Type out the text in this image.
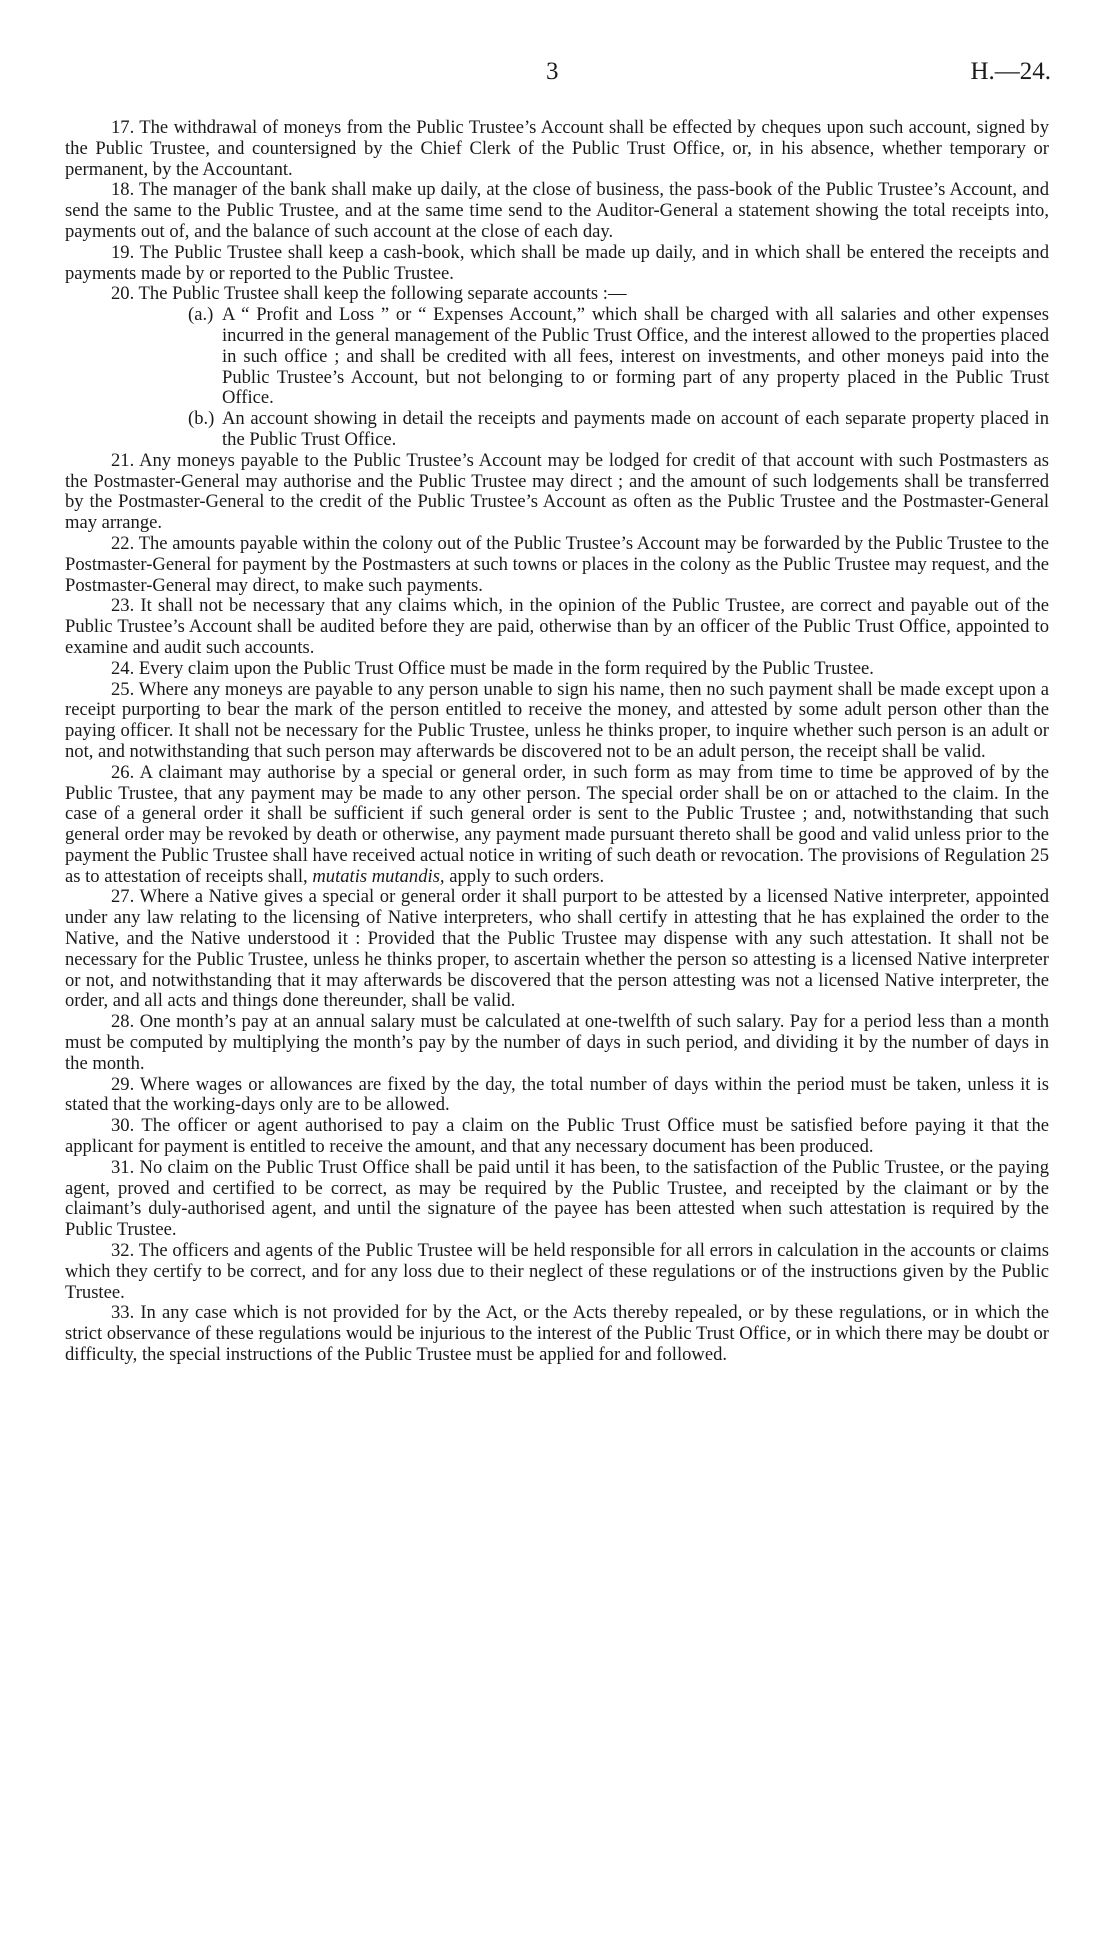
3	H.—24.

17. The withdrawal of moneys from the Public Trustee’s Account shall be effected by cheques upon such account, signed by the Public Trustee, and countersigned by the Chief Clerk of the Public Trust Office, or, in his absence, whether temporary or permanent, by the Accountant.

18. The manager of the bank shall make up daily, at the close of business, the pass-book of the Public Trustee’s Account, and send the same to the Public Trustee, and at the same time send to the Auditor-General a statement showing the total receipts into, payments out of, and the balance of such account at the close of each day.

19. The Public Trustee shall keep a cash-book, which shall be made up daily, and in which shall be entered the receipts and payments made by or reported to the Public Trustee.

20. The Public Trustee shall keep the following separate accounts :—

(a.) A “ Profit and Loss ” or “ Expenses Account,” which shall be charged with all salaries and other expenses incurred in the general management of the Public Trust Office, and the interest allowed to the properties placed in such office ; and shall be credited with all fees, interest on investments, and other moneys paid into the Public Trustee’s Account, but not belonging to or forming part of any property placed in the Public Trust Office.

(b.) An account showing in detail the receipts and payments made on account of each separate property placed in the Public Trust Office.

21. Any moneys payable to the Public Trustee’s Account may be lodged for credit of that account with such Postmasters as the Postmaster-General may authorise and the Public Trustee may direct ; and the amount of such lodgements shall be transferred by the Postmaster-General to the credit of the Public Trustee’s Account as often as the Public Trustee and the Postmaster-General may arrange.

22. The amounts payable within the colony out of the Public Trustee’s Account may be forwarded by the Public Trustee to the Postmaster-General for payment by the Postmasters at such towns or places in the colony as the Public Trustee may request, and the Postmaster-General may direct, to make such payments.

23. It shall not be necessary that any claims which, in the opinion of the Public Trustee, are correct and payable out of the Public Trustee’s Account shall be audited before they are paid, otherwise than by an officer of the Public Trust Office, appointed to examine and audit such accounts.

24. Every claim upon the Public Trust Office must be made in the form required by the Public Trustee.

25. Where any moneys are payable to any person unable to sign his name, then no such payment shall be made except upon a receipt purporting to bear the mark of the person entitled to receive the money, and attested by some adult person other than the paying officer. It shall not be necessary for the Public Trustee, unless he thinks proper, to inquire whether such person is an adult or not, and notwithstanding that such person may afterwards be discovered not to be an adult person, the receipt shall be valid.

26. A claimant may authorise by a special or general order, in such form as may from time to time be approved of by the Public Trustee, that any payment may be made to any other person. The special order shall be on or attached to the claim. In the case of a general order it shall be sufficient if such general order is sent to the Public Trustee ; and, notwithstanding that such general order may be revoked by death or otherwise, any payment made pursuant thereto shall be good and valid unless prior to the payment the Public Trustee shall have received actual notice in writing of such death or revocation. The provisions of Regulation 25 as to attestation of receipts shall, mutatis mutandis, apply to such orders.

27. Where a Native gives a special or general order it shall purport to be attested by a licensed Native interpreter, appointed under any law relating to the licensing of Native interpreters, who shall certify in attesting that he has explained the order to the Native, and the Native understood it : Provided that the Public Trustee may dispense with any such attestation. It shall not be necessary for the Public Trustee, unless he thinks proper, to ascertain whether the person so attesting is a licensed Native interpreter or not, and notwithstanding that it may afterwards be discovered that the person attesting was not a licensed Native interpreter, the order, and all acts and things done thereunder, shall be valid.

28. One month’s pay at an annual salary must be calculated at one-twelfth of such salary. Pay for a period less than a month must be computed by multiplying the month’s pay by the number of days in such period, and dividing it by the number of days in the month.

29. Where wages or allowances are fixed by the day, the total number of days within the period must be taken, unless it is stated that the working-days only are to be allowed.

30. The officer or agent authorised to pay a claim on the Public Trust Office must be satisfied before paying it that the applicant for payment is entitled to receive the amount, and that any necessary document has been produced.

31. No claim on the Public Trust Office shall be paid until it has been, to the satisfaction of the Public Trustee, or the paying agent, proved and certified to be correct, as may be required by the Public Trustee, and receipted by the claimant or by the claimant’s duly-authorised agent, and until the signature of the payee has been attested when such attestation is required by the Public Trustee.

32. The officers and agents of the Public Trustee will be held responsible for all errors in calculation in the accounts or claims which they certify to be correct, and for any loss due to their neglect of these regulations or of the instructions given by the Public Trustee.

33. In any case which is not provided for by the Act, or the Acts thereby repealed, or by these regulations, or in which the strict observance of these regulations would be injurious to the interest of the Public Trust Office, or in which there may be doubt or difficulty, the special instructions of the Public Trustee must be applied for and followed.
